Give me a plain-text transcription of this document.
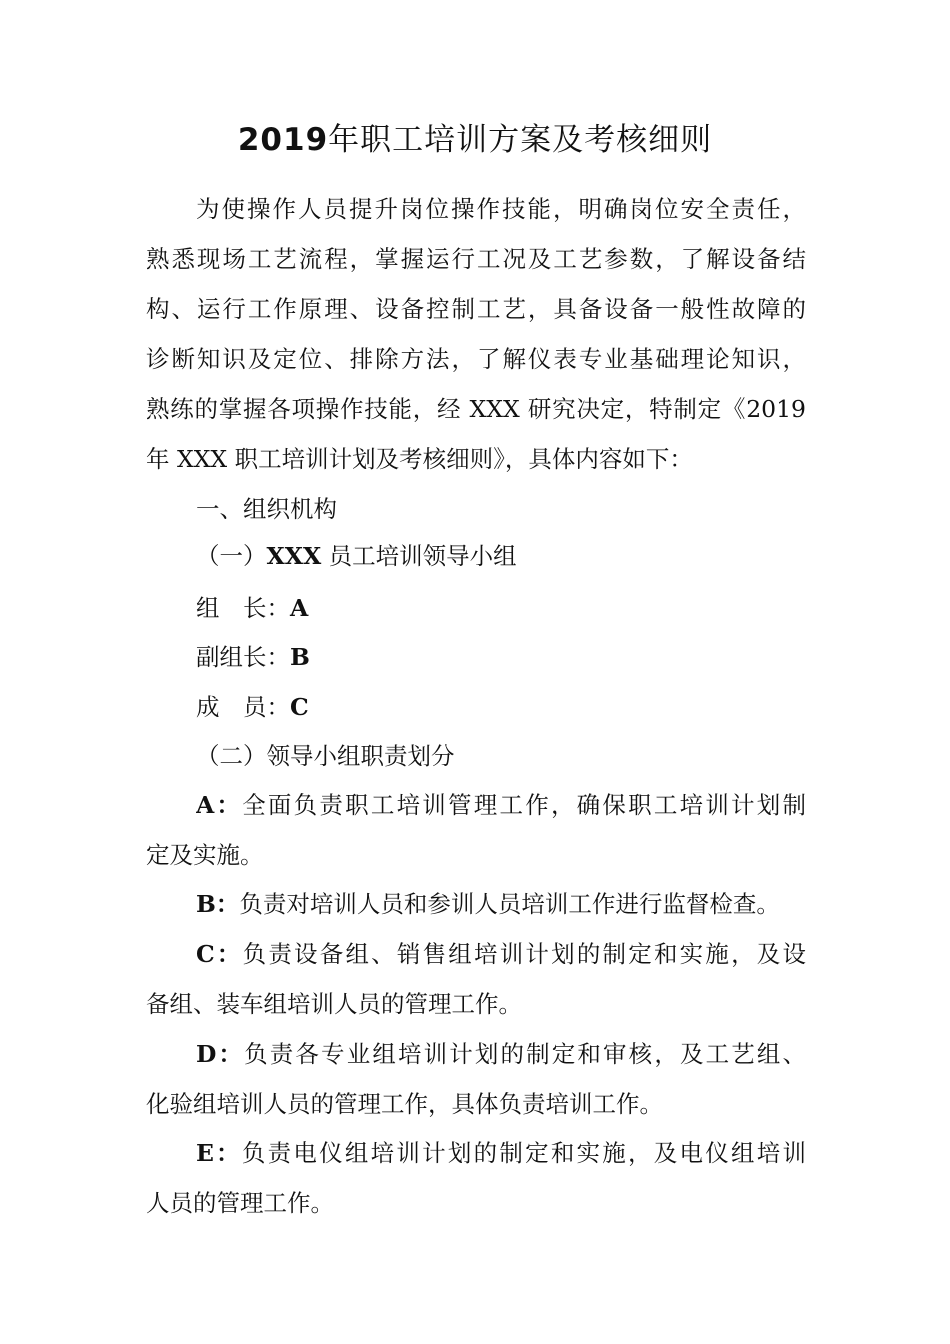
2019年职工培训方案及考核细则
为使操作人员提升岗位操作技能，明确岗位安全责任，
熟悉现场工艺流程，掌握运行工况及工艺参数，了解设备结
构、运行工作原理、设备控制工艺，具备设备一般性故障的
诊断知识及定位、排除方法，了解仪表专业基础理论知识，
熟练的掌握各项操作技能，经 XXX 研究决定，特制定《2019
年 XXX 职工培训计划及考核细则》，具体内容如下：
一、组织机构
（一）XXX 员工培训领导小组
组　长：A
副组长：B
成　员：C
（二）领导小组职责划分
A：全面负责职工培训管理工作，确保职工培训计划制
定及实施。
B：负责对培训人员和参训人员培训工作进行监督检查。
C：负责设备组、销售组培训计划的制定和实施，及设
备组、装车组培训人员的管理工作。
D：负责各专业组培训计划的制定和审核，及工艺组、
化验组培训人员的管理工作，具体负责培训工作。
E：负责电仪组培训计划的制定和实施，及电仪组培训
人员的管理工作。
